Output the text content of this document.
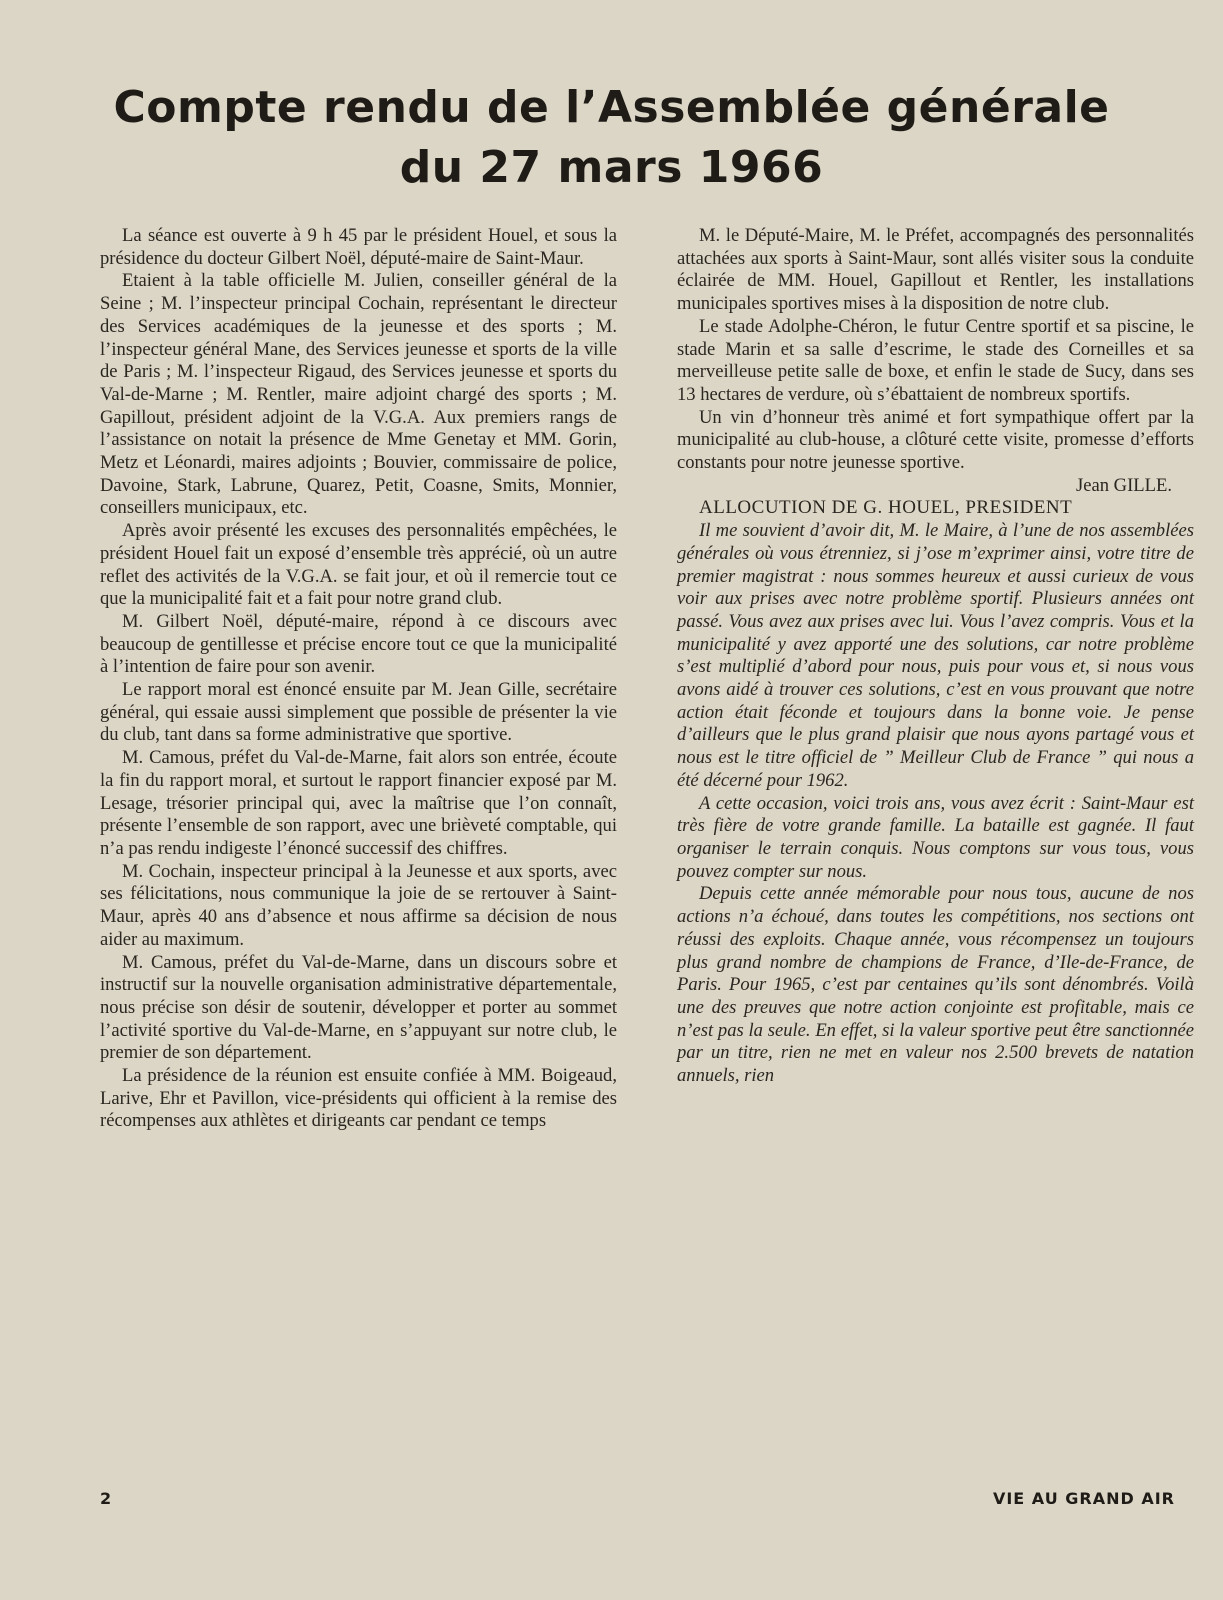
Compte rendu de l’Assemblée générale
du 27 mars 1966

La séance est ouverte à 9 h 45 par le président Houel, et sous la présidence du docteur Gilbert Noël, député-maire de Saint-Maur.

Etaient à la table officielle M. Julien, conseiller général de la Seine ; M. l’inspecteur principal Cochain, représentant le directeur des Services académiques de la jeunesse et des sports ; M. l’inspecteur général Mane, des Services jeunesse et sports de la ville de Paris ; M. l’inspecteur Rigaud, des Services jeunesse et sports du Val-de-Marne ; M. Rentler, maire adjoint chargé des sports ; M. Gapillout, président adjoint de la V.G.A. Aux premiers rangs de l’assistance on notait la présence de Mme Genetay et MM. Gorin, Metz et Léonardi, maires adjoints ; Bouvier, commissaire de police, Davoine, Stark, Labrune, Quarez, Petit, Coasne, Smits, Monnier, conseillers municipaux, etc.

Après avoir présenté les excuses des personnalités empêchées, le président Houel fait un exposé d’ensemble très apprécié, où un autre reflet des activités de la V.G.A. se fait jour, et où il remercie tout ce que la municipalité fait et a fait pour notre grand club.

M. Gilbert Noël, député-maire, répond à ce discours avec beaucoup de gentillesse et précise encore tout ce que la municipalité à l’intention de faire pour son avenir.

Le rapport moral est énoncé ensuite par M. Jean Gille, secrétaire général, qui essaie aussi simplement que possible de présenter la vie du club, tant dans sa forme administrative que sportive.

M. Camous, préfet du Val-de-Marne, fait alors son entrée, écoute la fin du rapport moral, et surtout le rapport financier exposé par M. Lesage, trésorier principal qui, avec la maîtrise que l’on connaît, présente l’ensemble de son rapport, avec une brièveté comptable, qui n’a pas rendu indigeste l’énoncé successif des chiffres.

M. Cochain, inspecteur principal à la Jeunesse et aux sports, avec ses félicitations, nous communique la joie de se rertouver à Saint-Maur, après 40 ans d’absence et nous affirme sa décision de nous aider au maximum.

M. Camous, préfet du Val-de-Marne, dans un discours sobre et instructif sur la nouvelle organisation administrative départementale, nous précise son désir de soutenir, développer et porter au sommet l’activité sportive du Val-de-Marne, en s’appuyant sur notre club, le premier de son département.

La présidence de la réunion est ensuite confiée à MM. Boigeaud, Larive, Ehr et Pavillon, vice-présidents qui officient à la remise des récompenses aux athlètes et dirigeants car pendant ce temps

M. le Député-Maire, M. le Préfet, accompagnés des personnalités attachées aux sports à Saint-Maur, sont allés visiter sous la conduite éclairée de MM. Houel, Gapillout et Rentler, les installations municipales sportives mises à la disposition de notre club.

Le stade Adolphe-Chéron, le futur Centre sportif et sa piscine, le stade Marin et sa salle d’escrime, le stade des Corneilles et sa merveilleuse petite salle de boxe, et enfin le stade de Sucy, dans ses 13 hectares de verdure, où s’ébattaient de nombreux sportifs.

Un vin d’honneur très animé et fort sympathique offert par la municipalité au club-house, a clôturé cette visite, promesse d’efforts constants pour notre jeunesse sportive.

Jean GILLE.

ALLOCUTION DE G. HOUEL, PRESIDENT

Il me souvient d’avoir dit, M. le Maire, à l’une de nos assemblées générales où vous étrenniez, si j’ose m’exprimer ainsi, votre titre de premier magistrat : nous sommes heureux et aussi curieux de vous voir aux prises avec notre problème sportif. Plusieurs années ont passé. Vous avez aux prises avec lui. Vous l’avez compris. Vous et la municipalité y avez apporté une des solutions, car notre problème s’est multiplié d’abord pour nous, puis pour vous et, si nous vous avons aidé à trouver ces solutions, c’est en vous prouvant que notre action était féconde et toujours dans la bonne voie. Je pense d’ailleurs que le plus grand plaisir que nous ayons partagé vous et nous est le titre officiel de ” Meilleur Club de France ” qui nous a été décerné pour 1962.

A cette occasion, voici trois ans, vous avez écrit : Saint-Maur est très fière de votre grande famille. La bataille est gagnée. Il faut organiser le terrain conquis. Nous comptons sur vous tous, vous pouvez compter sur nous.

Depuis cette année mémorable pour nous tous, aucune de nos actions n’a échoué, dans toutes les compétitions, nos sections ont réussi des exploits. Chaque année, vous récompensez un toujours plus grand nombre de champions de France, d’Ile-de-France, de Paris. Pour 1965, c’est par centaines qu’ils sont dénombrés. Voilà une des preuves que notre action conjointe est profitable, mais ce n’est pas la seule. En effet, si la valeur sportive peut être sanctionnée par un titre, rien ne met en valeur nos 2.500 brevets de natation annuels, rien

2	VIE AU GRAND AIR
